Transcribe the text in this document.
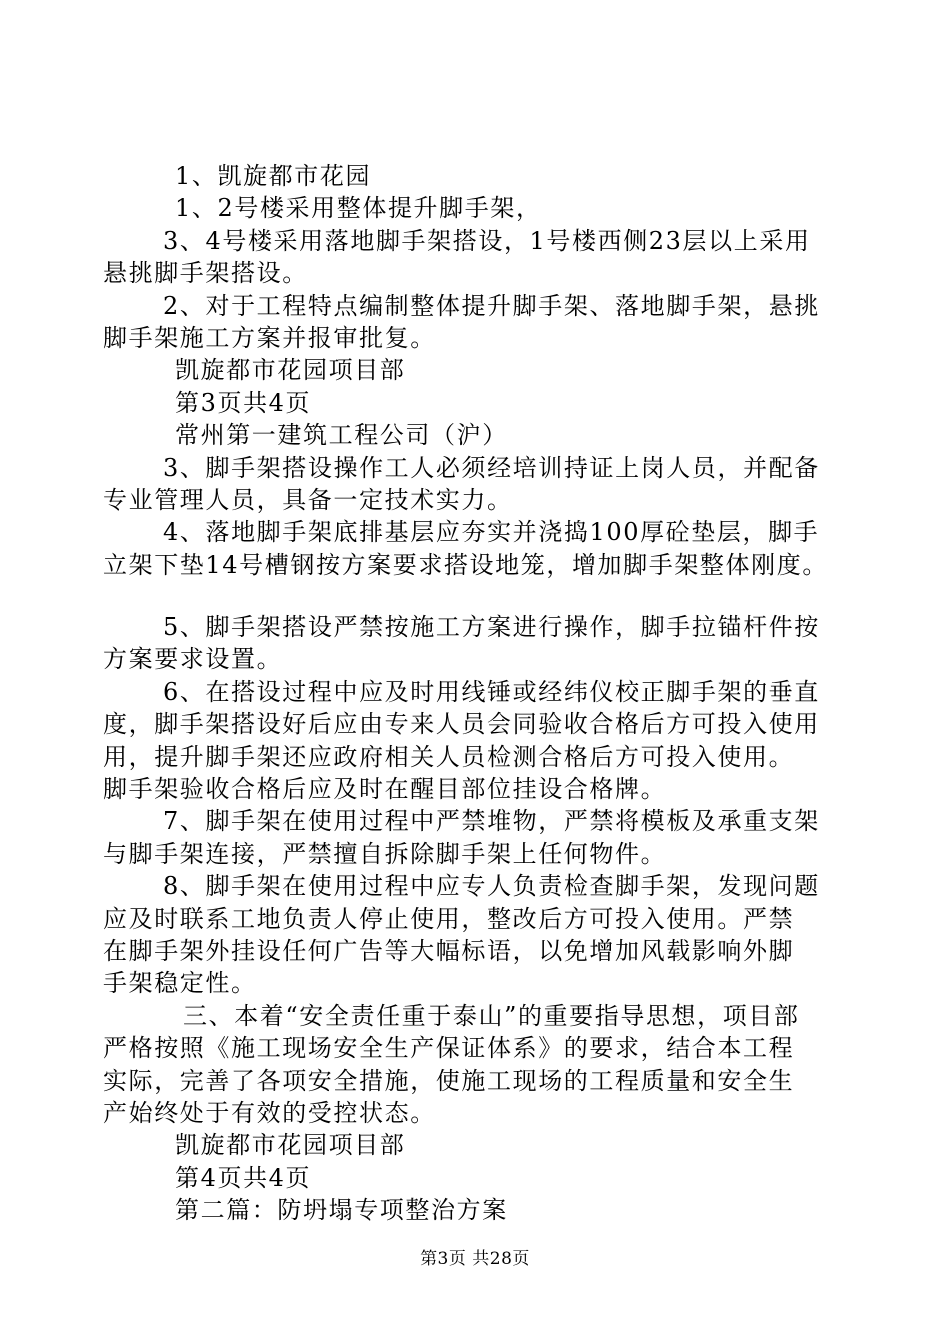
1、凯旋都市花园
1、2号楼采用整体提升脚手架，
3、4号楼采用落地脚手架搭设，1号楼西侧23层以上采用
悬挑脚手架搭设。
2、对于工程特点编制整体提升脚手架、落地脚手架，悬挑
脚手架施工方案并报审批复。
凯旋都市花园项目部
第3页共4页
常州第一建筑工程公司（沪）
3、脚手架搭设操作工人必须经培训持证上岗人员，并配备
专业管理人员，具备一定技术实力。
4、落地脚手架底排基层应夯实并浇捣100厚砼垫层，脚手
立架下垫14号槽钢按方案要求搭设地笼，增加脚手架整体刚度。
5、脚手架搭设严禁按施工方案进行操作，脚手拉锚杆件按
方案要求设置。
6、在搭设过程中应及时用线锤或经纬仪校正脚手架的垂直
度，脚手架搭设好后应由专来人员会同验收合格后方可投入使用
用，提升脚手架还应政府相关人员检测合格后方可投入使用。
脚手架验收合格后应及时在醒目部位挂设合格牌。
7、脚手架在使用过程中严禁堆物，严禁将模板及承重支架
与脚手架连接，严禁擅自拆除脚手架上任何物件。
8、脚手架在使用过程中应专人负责检查脚手架，发现问题
应及时联系工地负责人停止使用，整改后方可投入使用。严禁
在脚手架外挂设任何广告等大幅标语，以免增加风载影响外脚
手架稳定性。
三、本着“安全责任重于泰山”的重要指导思想，项目部
严格按照《施工现场安全生产保证体系》的要求，结合本工程
实际，完善了各项安全措施，使施工现场的工程质量和安全生
产始终处于有效的受控状态。
凯旋都市花园项目部
第4页共4页
第二篇：防坍塌专项整治方案
第3页 共28页
